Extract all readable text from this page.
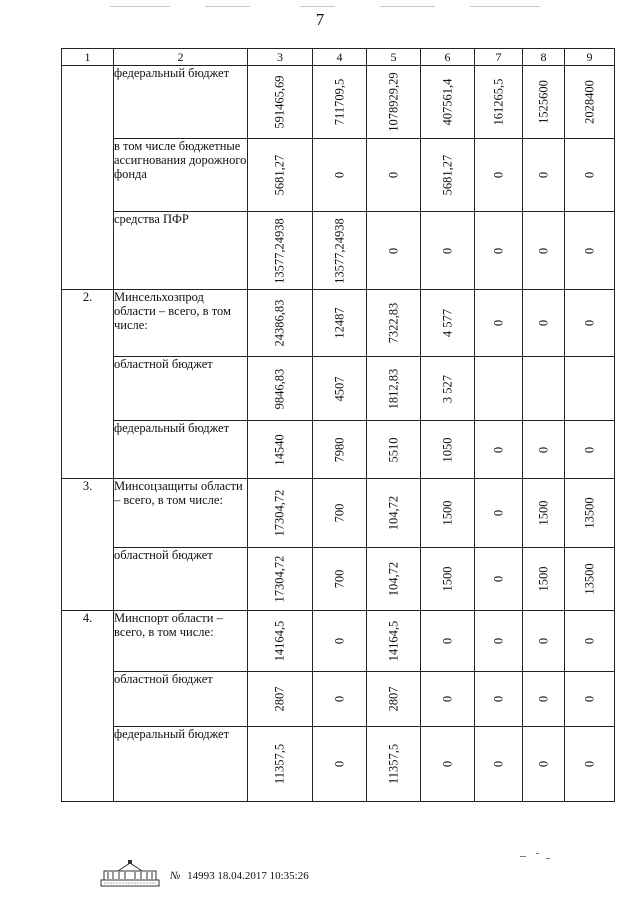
7
1	2	3	4	5	6	7	8	9
	федеральный бюджет	591465,69	711709,5	1078929,29	407561,4	161265,5	1525600	2028400

	в том числе бюджетные ассигнования дорожного фонда	5681,27	0	0	5681,27	0	0	0

	средства ПФР	13577,24938	13577,24938	0	0	0	0	0

2.	Минсельхозпрод области – всего, в том числе:	24386,83	12487	7322,83	4 577	0	0	0

	областной бюджет	9846,83	4507	1812,83	3 527			

	федеральный бюджет	14540	7980	5510	1050	0	0	0

3.	Минсоцзащиты области – всего, в том числе:	17304,72	700	104,72	1500	0	1500	13500

	областной бюджет	17304,72	700	104,72	1500	0	1500	13500

4.	Минспорт области – всего, в том числе:	14164,5	0	14164,5	0	0	0	0

	областной бюджет	2807	0	2807	0	0	0	0

	федеральный бюджет	11357,5	0	11357,5	0	0	0	0
№ 14993 18.04.2017 10:35:26
